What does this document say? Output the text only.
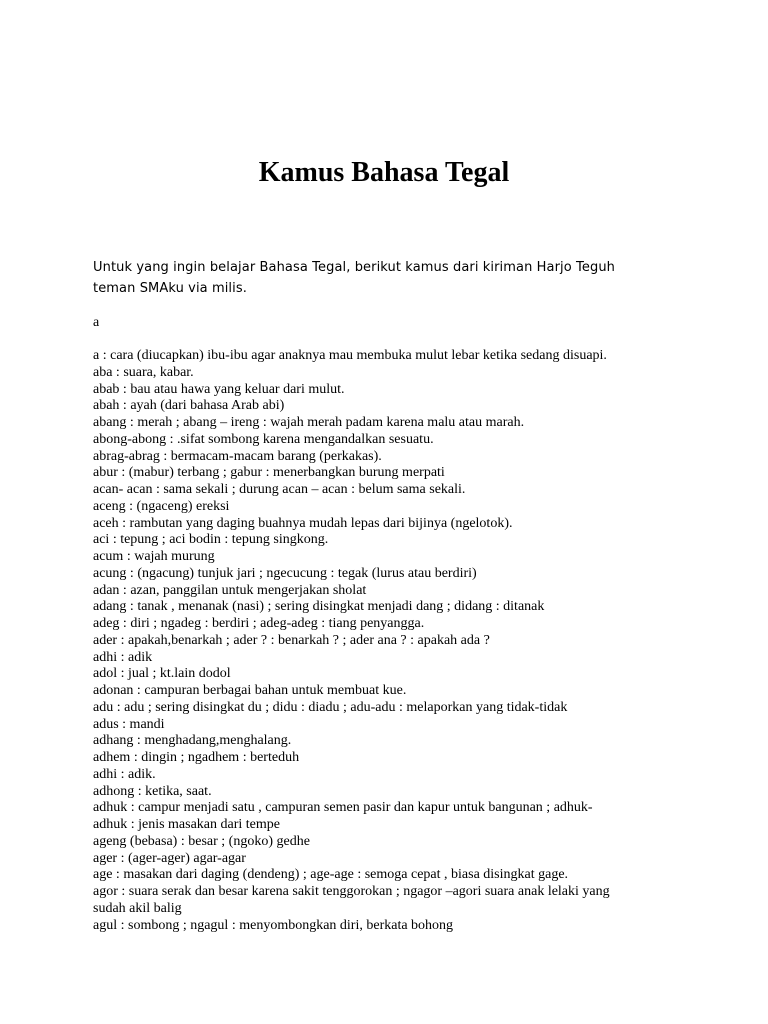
Kamus Bahasa Tegal

Untuk yang ingin belajar Bahasa Tegal, berikut kamus dari kiriman Harjo Teguh

teman SMAku via milis.

a

a : cara (diucapkan) ibu-ibu agar anaknya mau membuka mulut lebar ketika sedang disuapi.

aba : suara, kabar.

abab : bau atau hawa yang keluar dari mulut.

abah : ayah (dari bahasa Arab abi)

abang : merah ; abang – ireng : wajah merah padam karena malu atau marah.

abong-abong : .sifat sombong karena mengandalkan sesuatu.

abrag-abrag : bermacam-macam barang (perkakas).

abur : (mabur) terbang ; gabur : menerbangkan burung merpati

acan- acan : sama sekali ; durung acan – acan : belum sama sekali.

aceng : (ngaceng) ereksi

aceh : rambutan yang daging buahnya mudah lepas dari bijinya (ngelotok).

aci : tepung ; aci bodin : tepung singkong.

acum : wajah murung

acung : (ngacung) tunjuk jari ; ngecucung : tegak (lurus atau berdiri)

adan : azan, panggilan untuk mengerjakan sholat

adang : tanak , menanak (nasi) ; sering disingkat menjadi dang ; didang : ditanak

adeg : diri ; ngadeg : berdiri ; adeg-adeg : tiang penyangga.

ader : apakah,benarkah ; ader ? : benarkah ? ; ader ana ? : apakah ada ?

adhi : adik

adol : jual ; kt.lain dodol

adonan : campuran berbagai bahan untuk membuat kue.

adu : adu ; sering disingkat du ; didu : diadu ; adu-adu : melaporkan yang tidak-tidak

adus : mandi

adhang : menghadang,menghalang.

adhem : dingin ; ngadhem : berteduh

adhi : adik.

adhong : ketika, saat.

adhuk : campur menjadi satu , campuran semen pasir dan kapur untuk bangunan ; adhuk-

adhuk : jenis masakan dari tempe

ageng (bebasa) : besar ; (ngoko) gedhe

ager : (ager-ager) agar-agar

age : masakan dari daging (dendeng) ; age-age : semoga cepat , biasa disingkat gage.

agor : suara serak dan besar karena sakit tenggorokan ; ngagor –agori suara anak lelaki yang

sudah akil balig

agul : sombong ; ngagul : menyombongkan diri, berkata bohong
